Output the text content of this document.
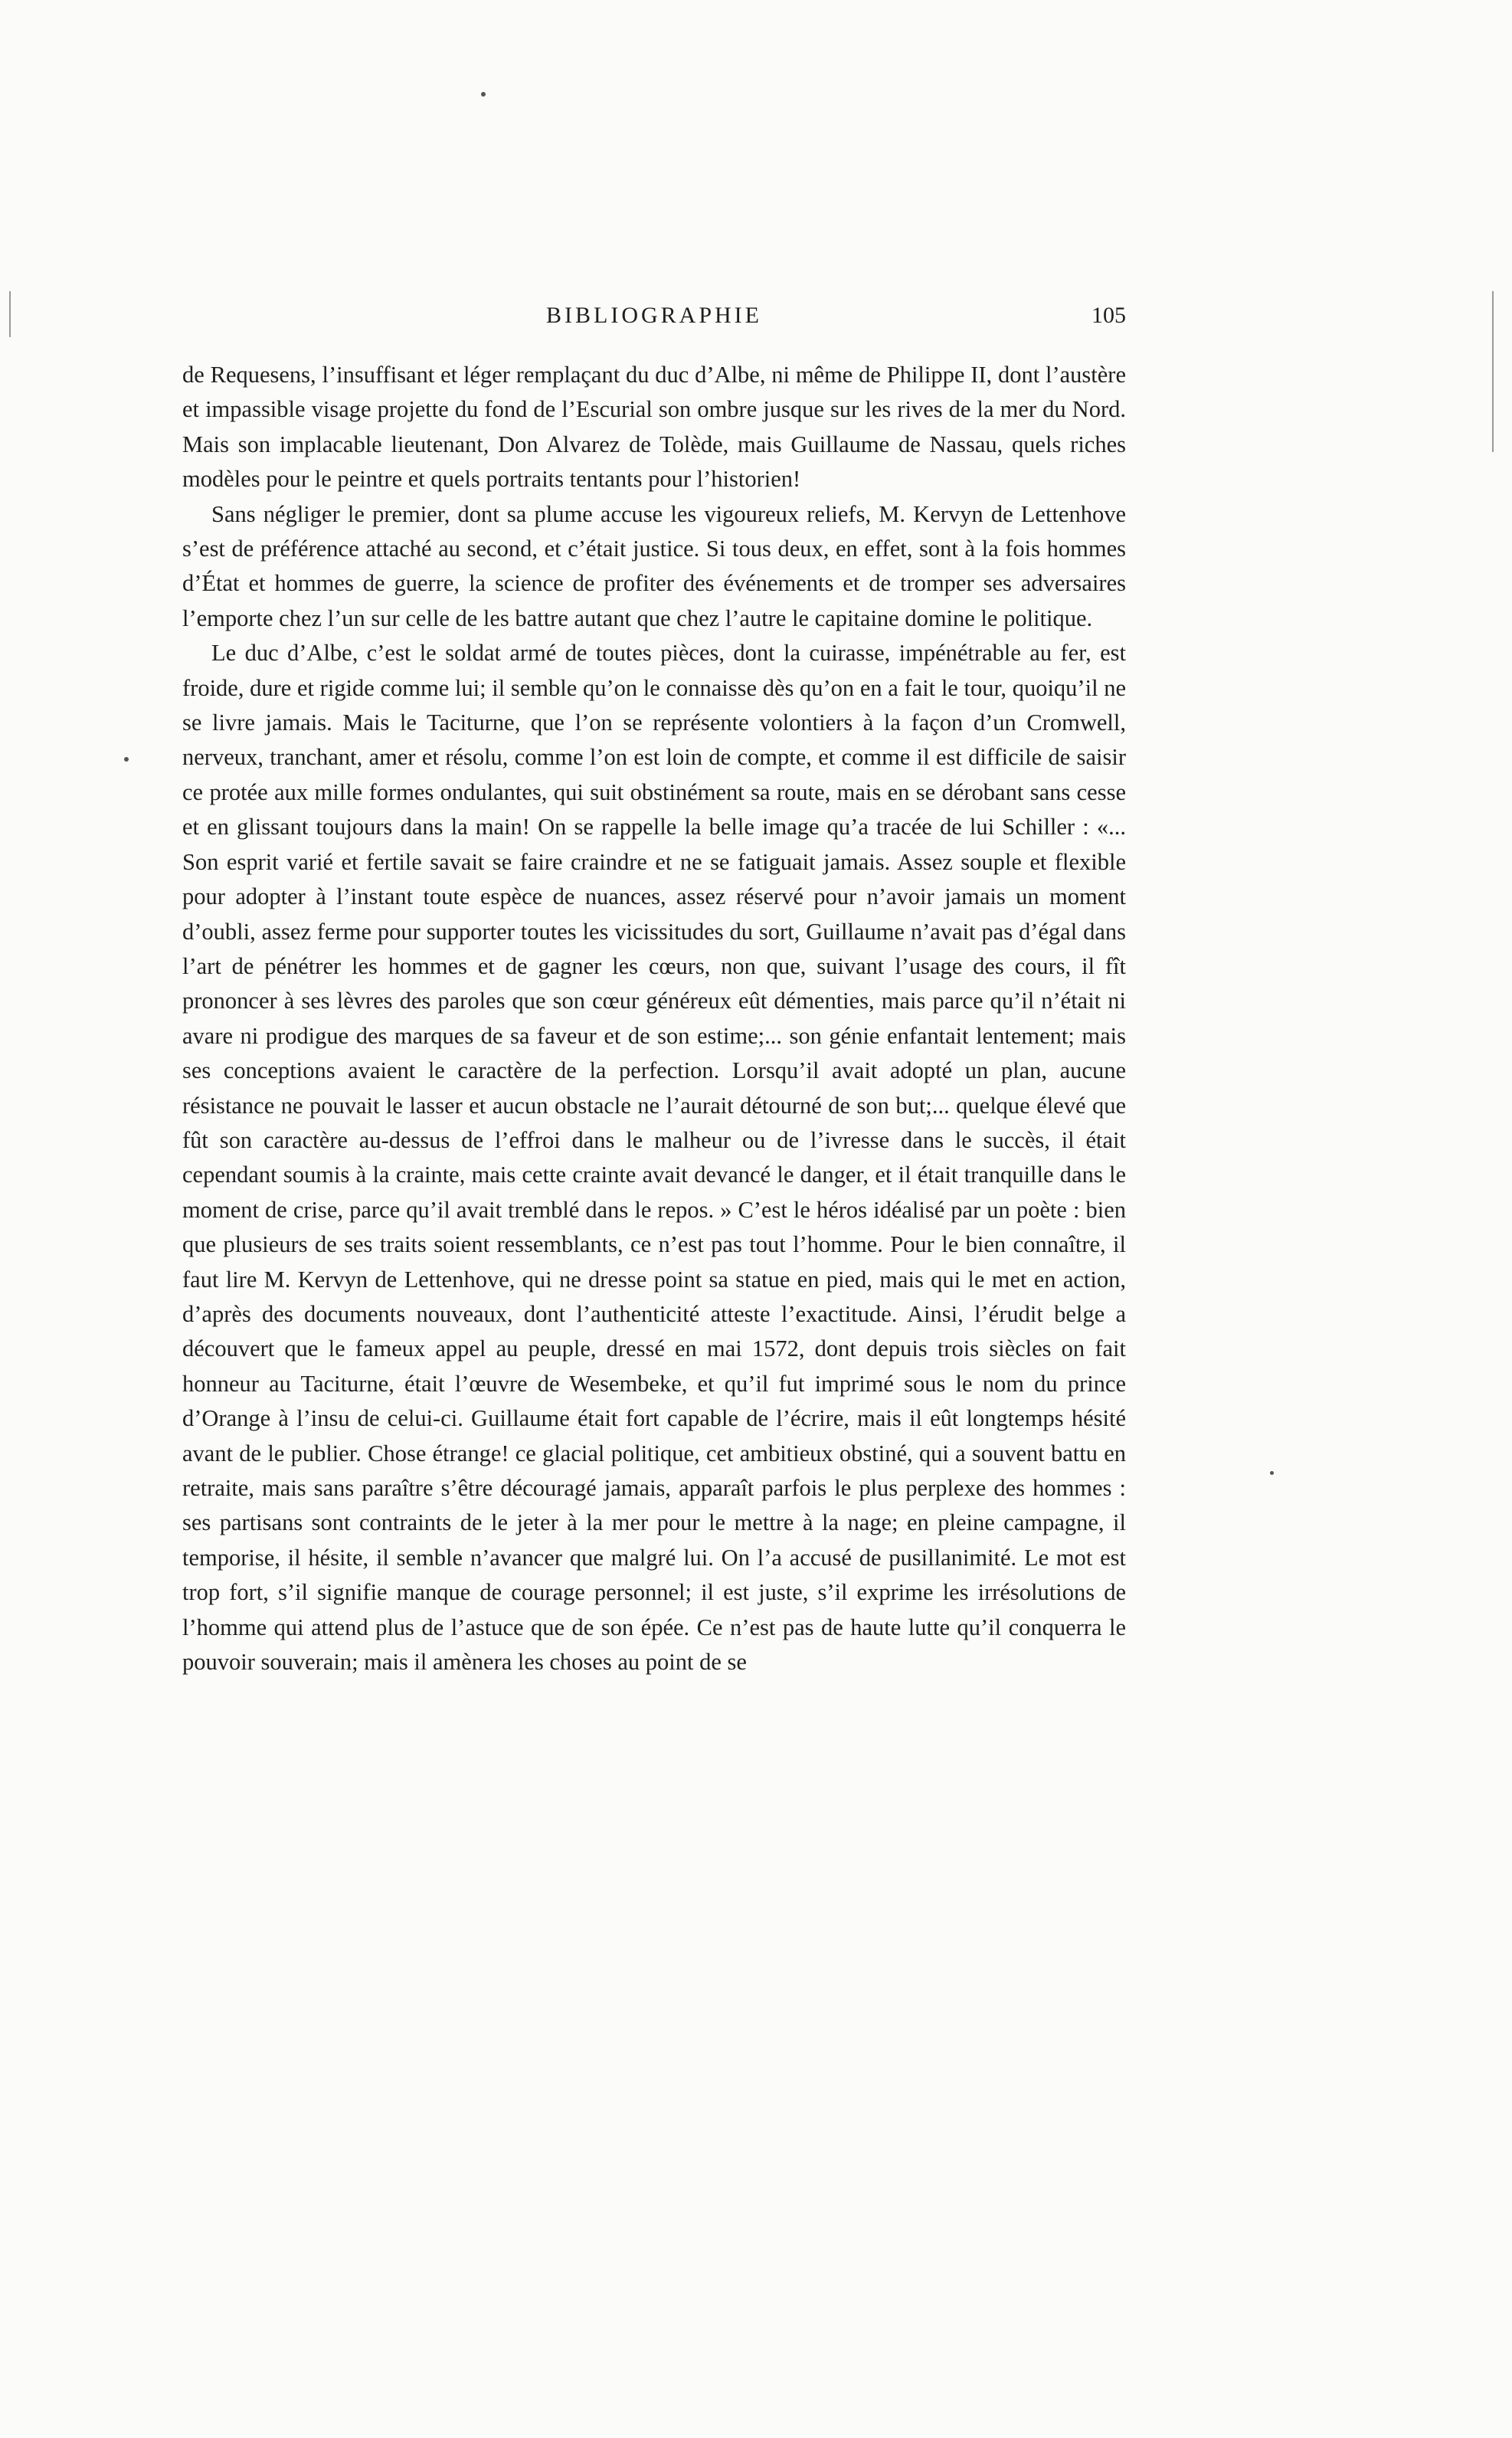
BIBLIOGRAPHIE	105

de Requesens, l’insuffisant et léger remplaçant du duc d’Albe, ni même de Philippe II, dont l’austère et impassible visage projette du fond de l’Escurial son ombre jusque sur les rives de la mer du Nord. Mais son implacable lieutenant, Don Alvarez de Tolède, mais Guillaume de Nassau, quels riches modèles pour le peintre et quels portraits tentants pour l’historien!

Sans négliger le premier, dont sa plume accuse les vigoureux reliefs, M. Kervyn de Lettenhove s’est de préférence attaché au second, et c’était justice. Si tous deux, en effet, sont à la fois hommes d’État et hommes de guerre, la science de profiter des événements et de tromper ses adversaires l’emporte chez l’un sur celle de les battre autant que chez l’autre le capitaine domine le politique.

Le duc d’Albe, c’est le soldat armé de toutes pièces, dont la cuirasse, impénétrable au fer, est froide, dure et rigide comme lui; il semble qu’on le connaisse dès qu’on en a fait le tour, quoiqu’il ne se livre jamais. Mais le Taciturne, que l’on se représente volontiers à la façon d’un Cromwell, nerveux, tranchant, amer et résolu, comme l’on est loin de compte, et comme il est difficile de saisir ce protée aux mille formes ondulantes, qui suit obstinément sa route, mais en se dérobant sans cesse et en glissant toujours dans la main! On se rappelle la belle image qu’a tracée de lui Schiller : «... Son esprit varié et fertile savait se faire craindre et ne se fatiguait jamais. Assez souple et flexible pour adopter à l’instant toute espèce de nuances, assez réservé pour n’avoir jamais un moment d’oubli, assez ferme pour supporter toutes les vicissitudes du sort, Guillaume n’avait pas d’égal dans l’art de pénétrer les hommes et de gagner les cœurs, non que, suivant l’usage des cours, il fît prononcer à ses lèvres des paroles que son cœur généreux eût démenties, mais parce qu’il n’était ni avare ni prodigue des marques de sa faveur et de son estime;... son génie enfantait lentement; mais ses conceptions avaient le caractère de la perfection. Lorsqu’il avait adopté un plan, aucune résistance ne pouvait le lasser et aucun obstacle ne l’aurait détourné de son but;... quelque élevé que fût son caractère au-dessus de l’effroi dans le malheur ou de l’ivresse dans le succès, il était cependant soumis à la crainte, mais cette crainte avait devancé le danger, et il était tranquille dans le moment de crise, parce qu’il avait tremblé dans le repos. » C’est le héros idéalisé par un poète : bien que plusieurs de ses traits soient ressemblants, ce n’est pas tout l’homme. Pour le bien connaître, il faut lire M. Kervyn de Lettenhove, qui ne dresse point sa statue en pied, mais qui le met en action, d’après des documents nouveaux, dont l’authenticité atteste l’exactitude. Ainsi, l’érudit belge a découvert que le fameux appel au peuple, dressé en mai 1572, dont depuis trois siècles on fait honneur au Taciturne, était l’œuvre de Wesembeke, et qu’il fut imprimé sous le nom du prince d’Orange à l’insu de celui-ci. Guillaume était fort capable de l’écrire, mais il eût longtemps hésité avant de le publier. Chose étrange! ce glacial politique, cet ambitieux obstiné, qui a souvent battu en retraite, mais sans paraître s’être découragé jamais, apparaît parfois le plus perplexe des hommes : ses partisans sont contraints de le jeter à la mer pour le mettre à la nage; en pleine campagne, il temporise, il hésite, il semble n’avancer que malgré lui. On l’a accusé de pusillanimité. Le mot est trop fort, s’il signifie manque de courage personnel; il est juste, s’il exprime les irrésolutions de l’homme qui attend plus de l’astuce que de son épée. Ce n’est pas de haute lutte qu’il conquerra le pouvoir souverain; mais il amènera les choses au point de se
